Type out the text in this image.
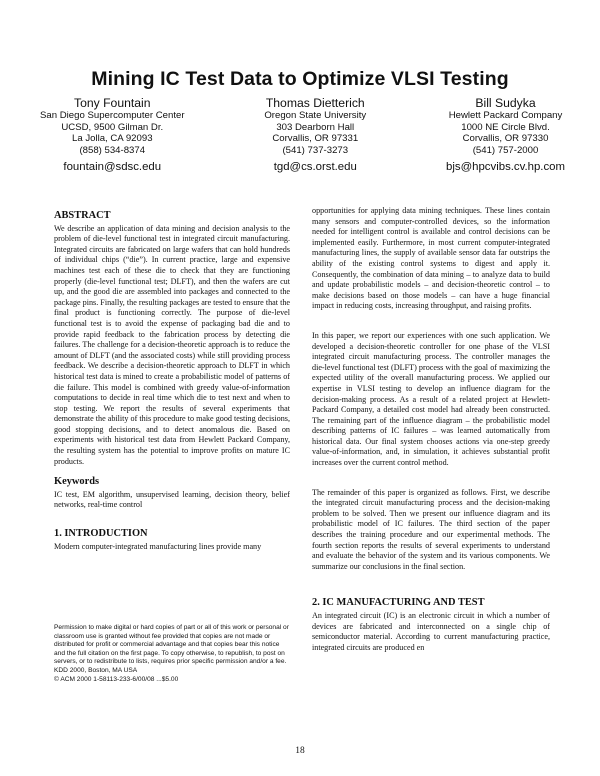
Mining IC Test Data to Optimize VLSI Testing
Tony Fountain
San Diego Supercomputer Center
UCSD, 9500 Gilman Dr.
La Jolla, CA 92093
(858) 534-8374
fountain@sdsc.edu
Thomas Dietterich
Oregon State University
303 Dearborn Hall
Corvallis, OR 97331
(541) 737-3273
tgd@cs.orst.edu
Bill Sudyka
Hewlett Packard Company
1000 NE Circle Blvd.
Corvallis, OR 97330
(541) 757-2000
bjs@hpcvibs.cv.hp.com
ABSTRACT

We describe an application of data mining and decision analysis to the problem of die-level functional test in integrated circuit manufacturing. Integrated circuits are fabricated on large wafers that can hold hundreds of individual chips (“die”). In current practice, large and expensive machines test each of these die to check that they are functioning properly (die-level functional test; DLFT), and then the wafers are cut up, and the good die are assembled into packages and connected to the package pins. Finally, the resulting packages are tested to ensure that the final product is functioning correctly. The purpose of die-level functional test is to avoid the expense of packaging bad die and to provide rapid feedback to the fabrication process by detecting die failures. The challenge for a decision-theoretic approach is to reduce the amount of DLFT (and the associated costs) while still providing process feedback. We describe a decision-theoretic approach to DLFT in which historical test data is mined to create a probabilistic model of patterns of die failure. This model is combined with greedy value-of-information computations to decide in real time which die to test next and when to stop testing. We report the results of several experiments that demonstrate the ability of this procedure to make good testing decisions, good stopping decisions, and to detect anomalous die. Based on experiments with historical test data from Hewlett Packard Company, the resulting system has the potential to improve profits on mature IC products.

Keywords

IC test, EM algorithm, unsupervised learning, decision theory, belief networks, real-time control

1. INTRODUCTION

Modern computer-integrated manufacturing lines provide many

Permission to make digital or hard copies of part or all of this work or personal or classroom use is granted without fee provided that copies are not made or distributed for profit or commercial advantage and that copies bear this notice and the full citation on the first page. To copy otherwise, to republish, to post on servers, or to redistribute to lists, requires prior specific permission and/or a fee.
KDD 2000, Boston, MA USA
© ACM 2000 1-58113-233-6/00/08 ...$5.00

opportunities for applying data mining techniques. These lines contain many sensors and computer-controlled devices, so the information needed for intelligent control is available and control decisions can be implemented easily. Furthermore, in most current computer-integrated manufacturing lines, the supply of available sensor data far outstrips the ability of the existing control systems to digest and apply it. Consequently, the combination of data mining – to analyze data to build and update probabilistic models – and decision-theoretic control – to make decisions based on those models – can have a huge financial impact in reducing costs, increasing throughput, and raising profits.

In this paper, we report our experiences with one such application. We developed a decision-theoretic controller for one phase of the VLSI integrated circuit manufacturing process. The controller manages the die-level functional test (DLFT) process with the goal of maximizing the expected utility of the overall manufacturing process. We applied our expertise in VLSI testing to develop an influence diagram for the decision-making process. As a result of a related project at Hewlett-Packard Company, a detailed cost model had already been constructed. The remaining part of the influence diagram – the probabilistic model describing patterns of IC failures – was learned automatically from historical data. Our final system chooses actions via one-step greedy value-of-information, and, in simulation, it achieves substantial profit increases over the current control method.

The remainder of this paper is organized as follows. First, we describe the integrated circuit manufacturing process and the decision-making problem to be solved. Then we present our influence diagram and its probabilistic model of IC failures. The third section of the paper describes the training procedure and our experimental methods. The fourth section reports the results of several experiments to understand and evaluate the behavior of the system and its various components. We summarize our conclusions in the final section.

2. IC MANUFACTURING AND TEST

An integrated circuit (IC) is an electronic circuit in which a number of devices are fabricated and interconnected on a single chip of semiconductor material. According to current manufacturing practice, integrated circuits are produced en

18
